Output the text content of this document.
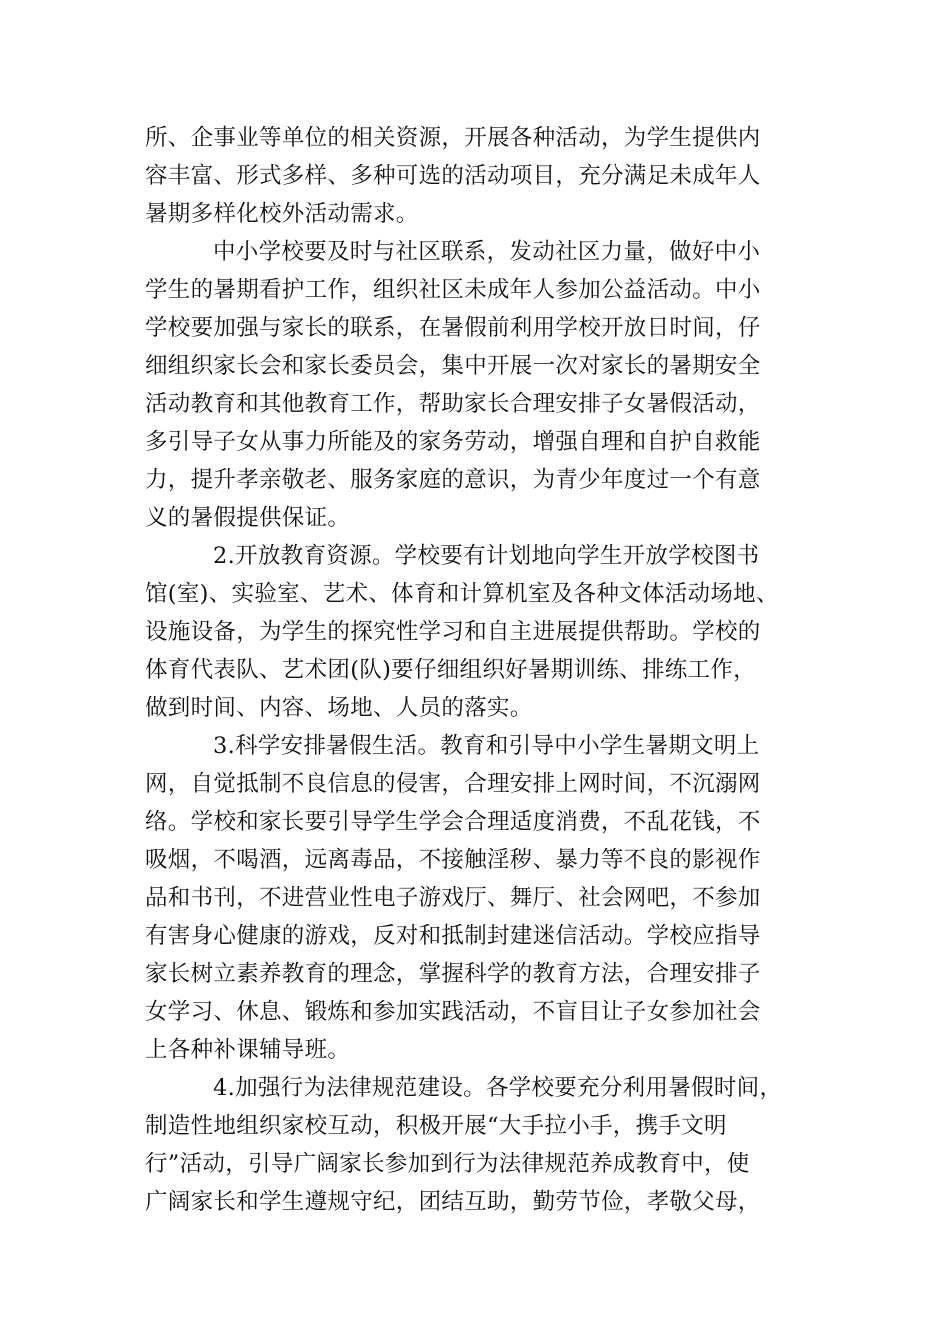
所、企事业等单位的相关资源，开展各种活动，为学生提供内
容丰富、形式多样、多种可选的活动项目，充分满足未成年人
暑期多样化校外活动需求。
中小学校要及时与社区联系，发动社区力量，做好中小
学生的暑期看护工作，组织社区未成年人参加公益活动。中小
学校要加强与家长的联系，在暑假前利用学校开放日时间，仔
细组织家长会和家长委员会，集中开展一次对家长的暑期安全
活动教育和其他教育工作，帮助家长合理安排子女暑假活动，
多引导子女从事力所能及的家务劳动，增强自理和自护自救能
力，提升孝亲敬老、服务家庭的意识，为青少年度过一个有意
义的暑假提供保证。
2.开放教育资源。学校要有计划地向学生开放学校图书
馆(室)、实验室、艺术、体育和计算机室及各种文体活动场地、
设施设备，为学生的探究性学习和自主进展提供帮助。学校的
体育代表队、艺术团(队)要仔细组织好暑期训练、排练工作，
做到时间、内容、场地、人员的落实。
3.科学安排暑假生活。教育和引导中小学生暑期文明上
网，自觉抵制不良信息的侵害，合理安排上网时间，不沉溺网
络。学校和家长要引导学生学会合理适度消费，不乱花钱，不
吸烟，不喝酒，远离毒品，不接触淫秽、暴力等不良的影视作
品和书刊，不进营业性电子游戏厅、舞厅、社会网吧，不参加
有害身心健康的游戏，反对和抵制封建迷信活动。学校应指导
家长树立素养教育的理念，掌握科学的教育方法，合理安排子
女学习、休息、锻炼和参加实践活动，不盲目让子女参加社会
上各种补课辅导班。
4.加强行为法律规范建设。各学校要充分利用暑假时间，
制造性地组织家校互动，积极开展“大手拉小手，携手文明
行”活动，引导广阔家长参加到行为法律规范养成教育中，使
广阔家长和学生遵规守纪，团结互助，勤劳节俭，孝敬父母，
